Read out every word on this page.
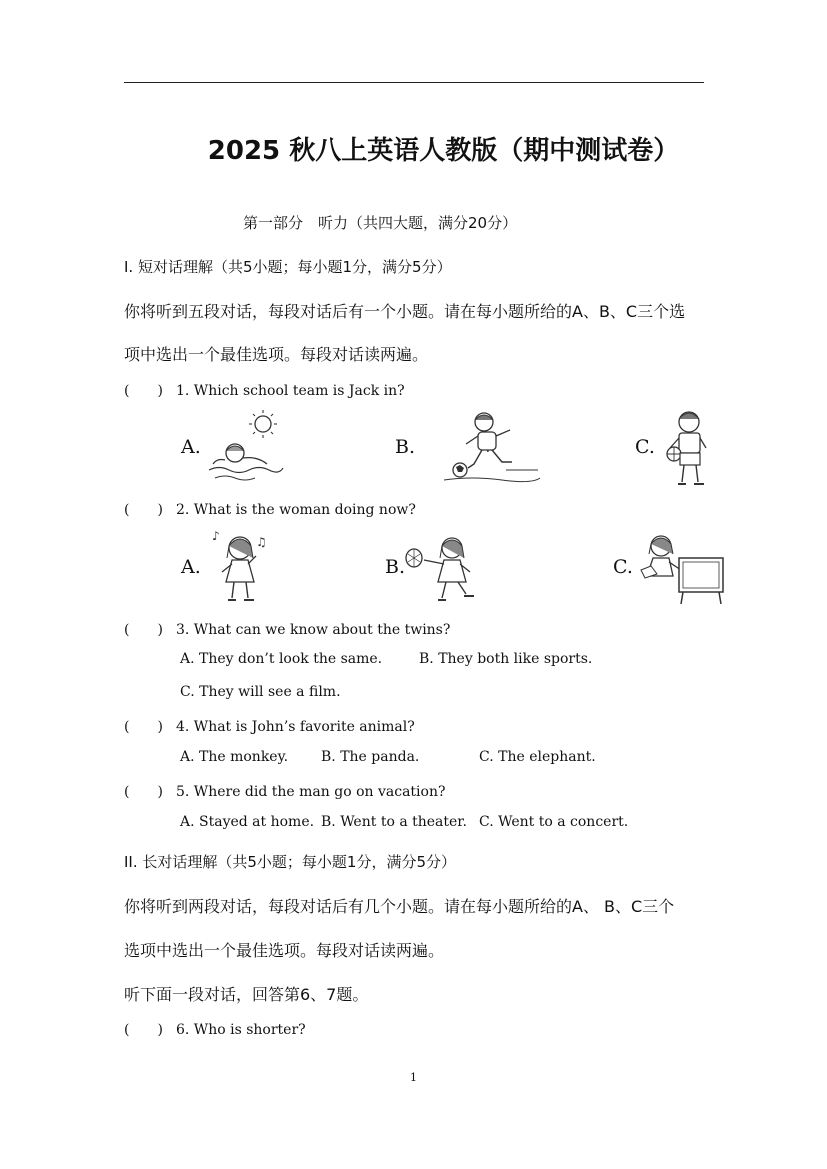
2025 秋八上英语人教版（期中测试卷）
第一部分　听力（共四大题，满分20分）
I. 短对话理解（共5小题；每小题1分，满分5分）
你将听到五段对话，每段对话后有一个小题。请在每小题所给的A、B、C三个选
项中选出一个最佳选项。每段对话读两遍。
(　　) 1. Which school team is Jack in?
A.	B.	C.
(　　) 2. What is the woman doing now?
A.
♪	♫
B.	C.
(　　) 3. What can we know about the twins?
A. They don’t look the same.	B. They both like sports.
C. They will see a film.
(　　) 4. What is John’s favorite animal?
A. The monkey. B. The panda.	C. The elephant.
(　　) 5. Where did the man go on vacation?
A. Stayed at home. B. Went to a theater. C. Went to a concert.
II. 长对话理解（共5小题；每小题1分，满分5分）
你将听到两段对话，每段对话后有几个小题。请在每小题所给的A、 B、C三个
选项中选出一个最佳选项。每段对话读两遍。
听下面一段对话，回答第6、7题。
(　　) 6. Who is shorter?
1
